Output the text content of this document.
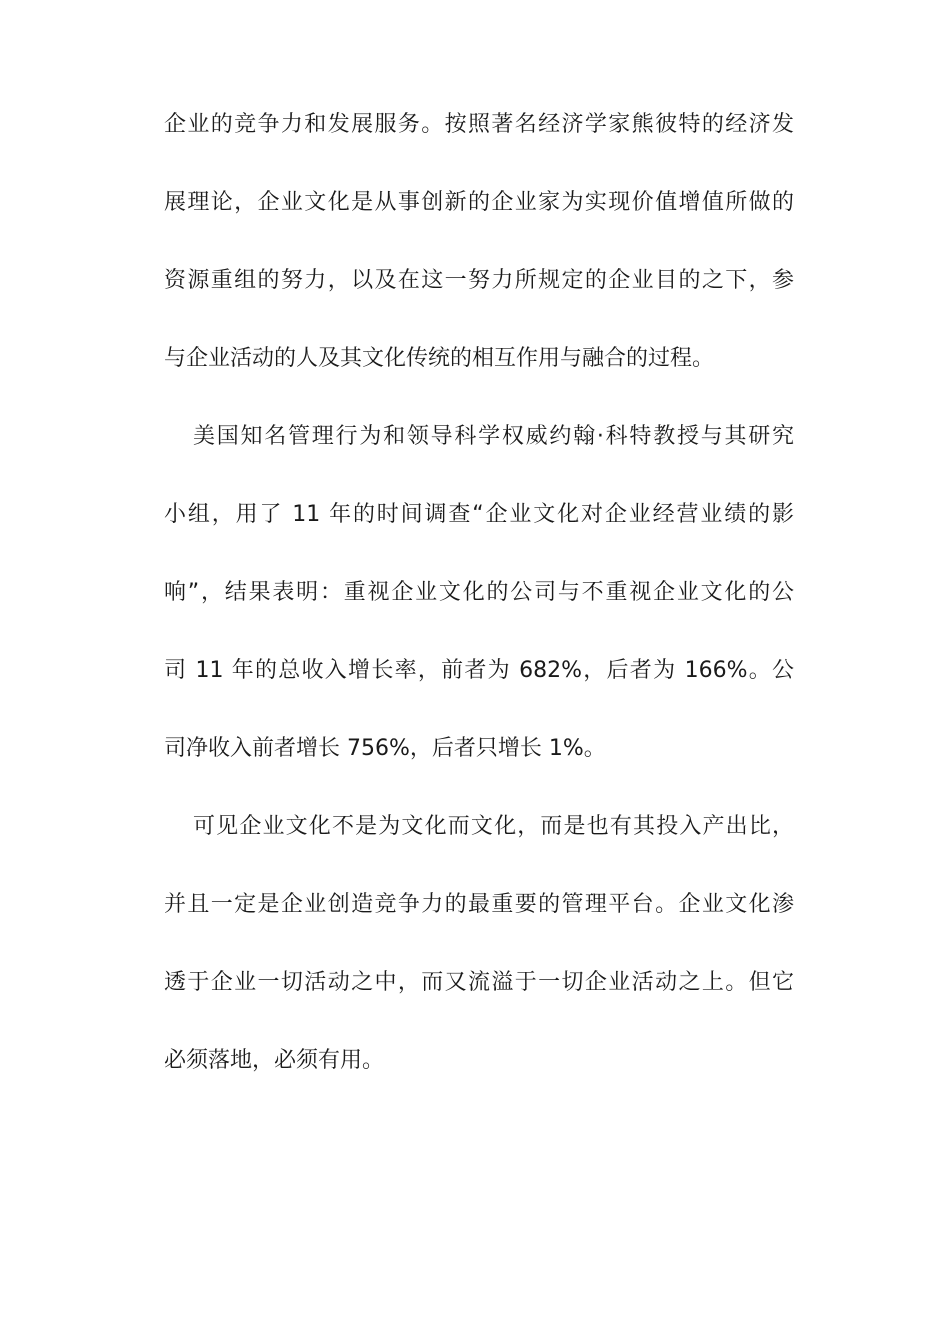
企业的竞争力和发展服务。按照著名经济学家熊彼特的经济发
展理论，企业文化是从事创新的企业家为实现价值增值所做的
资源重组的努力，以及在这一努力所规定的企业目的之下，参
与企业活动的人及其文化传统的相互作用与融合的过程。
美国知名管理行为和领导科学权威约翰·科特教授与其研究
小组，用了 11 年的时间调查“企业文化对企业经营业绩的影
响”，结果表明：重视企业文化的公司与不重视企业文化的公
司 11 年的总收入增长率，前者为 682%，后者为 166%。公
司净收入前者增长 756%，后者只增长 1%。
可见企业文化不是为文化而文化，而是也有其投入产出比，
并且一定是企业创造竞争力的最重要的管理平台。企业文化渗
透于企业一切活动之中，而又流溢于一切企业活动之上。但它
必须落地，必须有用。
